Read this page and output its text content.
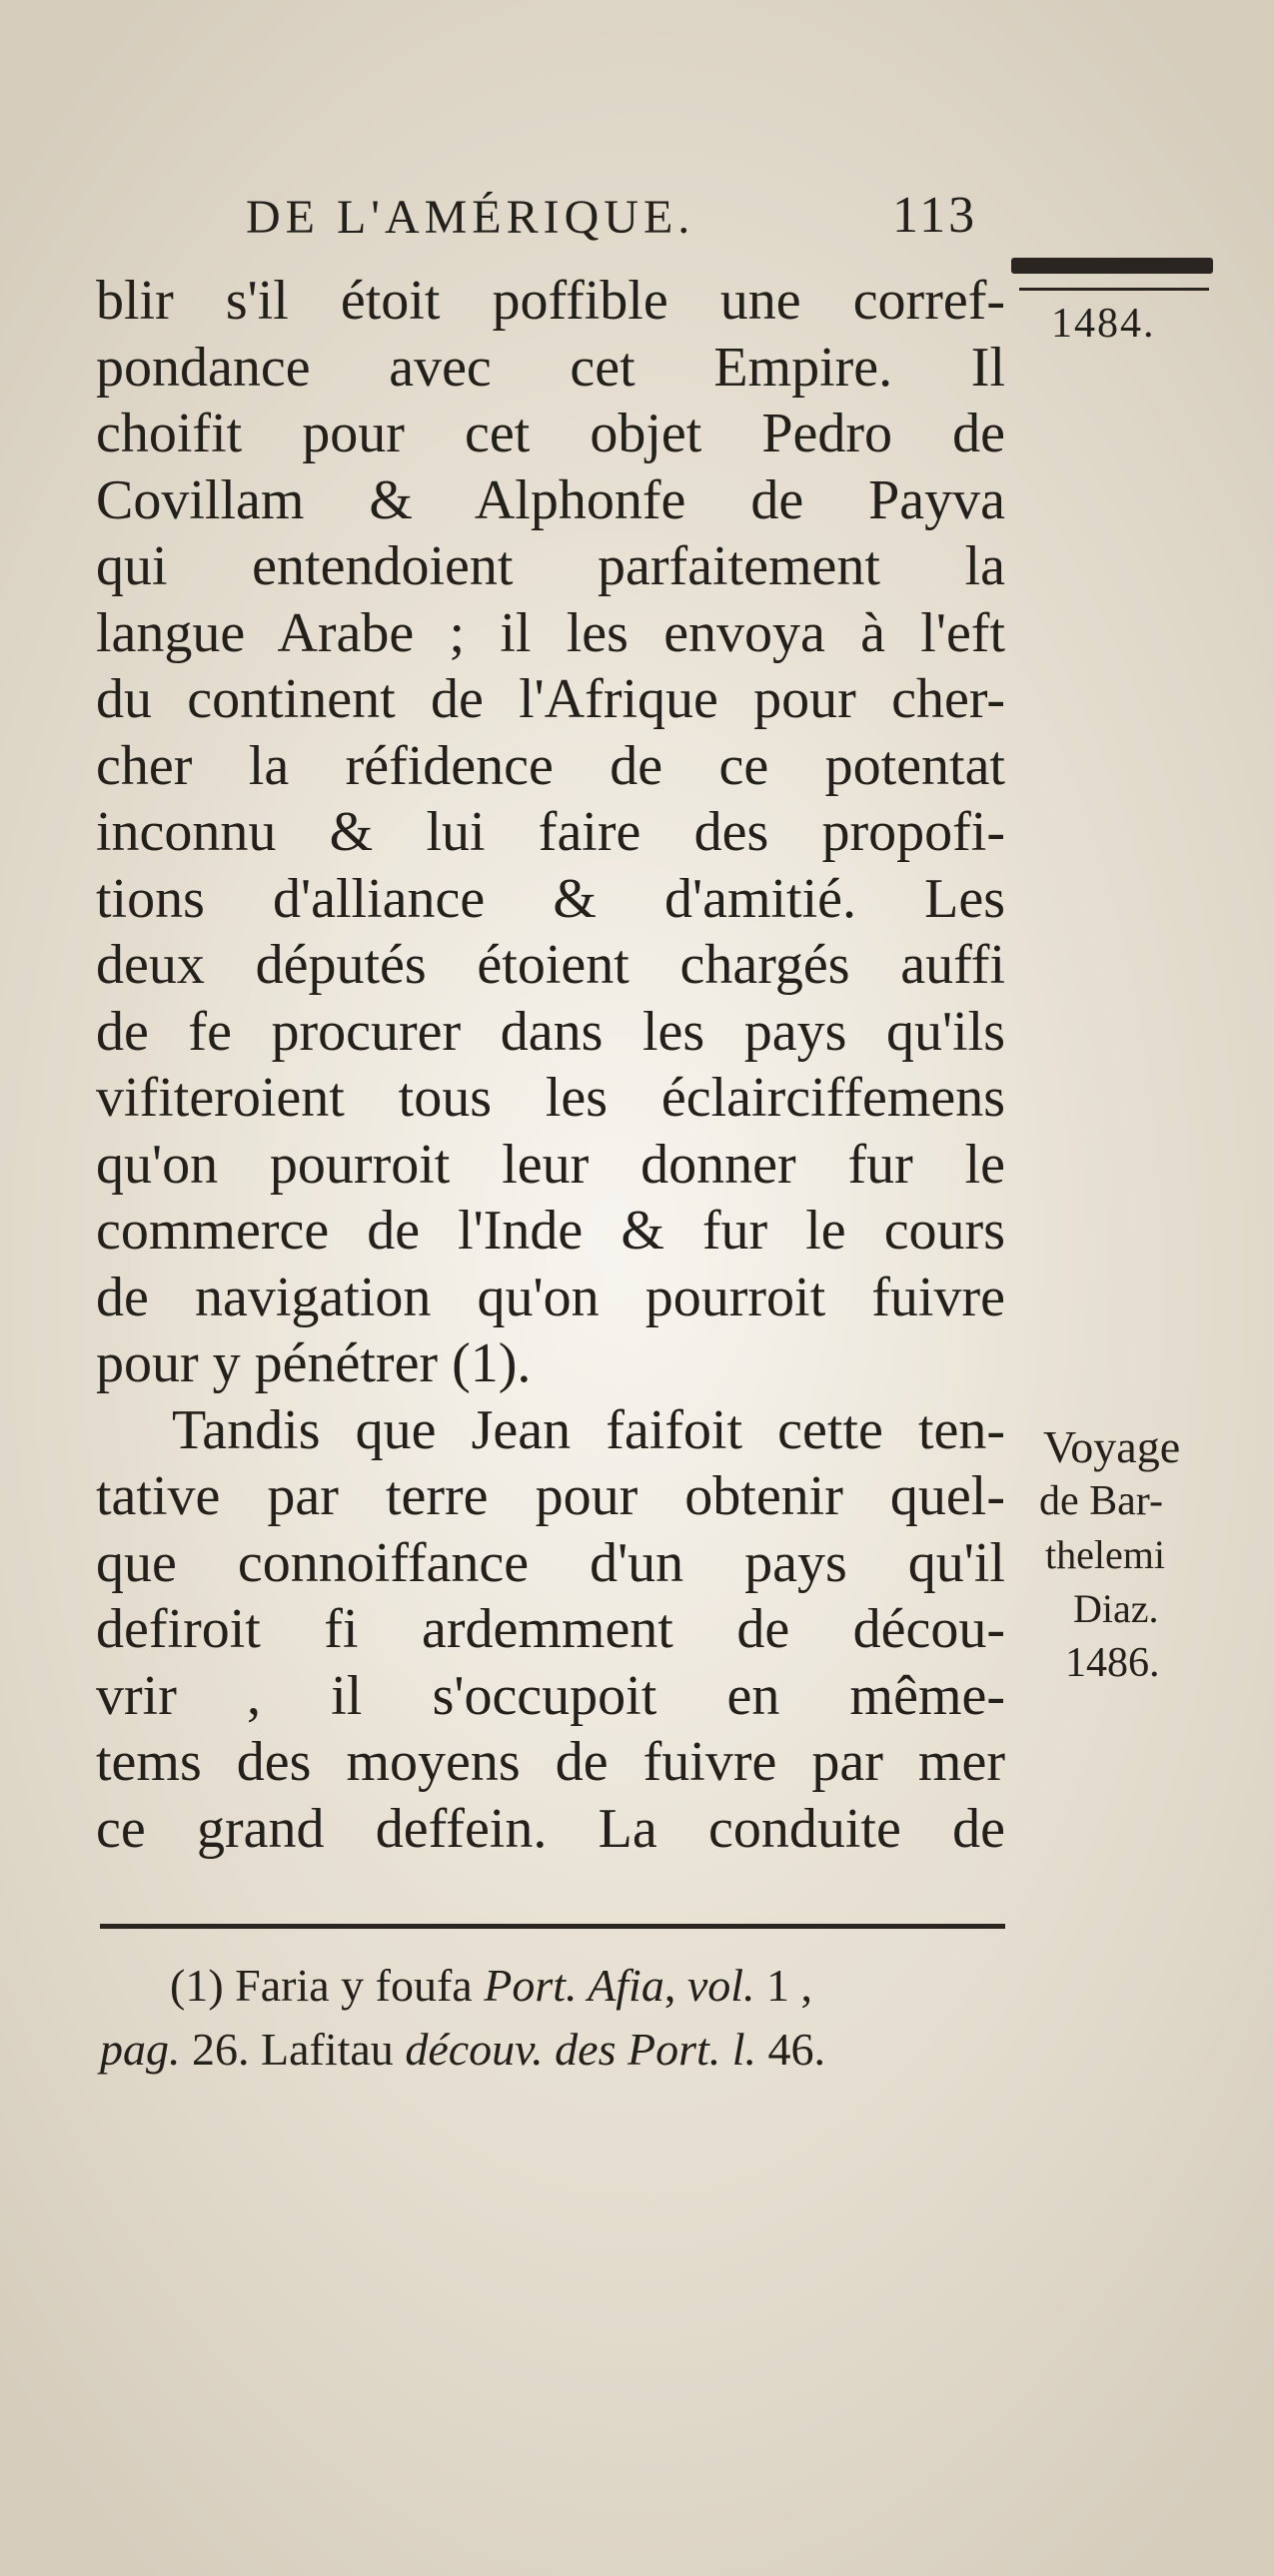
DE L'AMÉRIQUE.	113
1484.
blir s'il étoit poffible une corref-
pondance avec cet Empire. Il
choifit pour cet objet Pedro de
Covillam & Alphonfe de Payva
qui entendoient parfaitement la
langue Arabe ; il les envoya à l'eft
du continent de l'Afrique pour cher-
cher la réfidence de ce potentat
inconnu & lui faire des propofi-
tions d'alliance & d'amitié. Les
deux députés étoient chargés auffi
de fe procurer dans les pays qu'ils
vifiteroient tous les éclairciffemens
qu'on pourroit leur donner fur le
commerce de l'Inde & fur le cours
de navigation qu'on pourroit fuivre
pour y pénétrer (1).
Tandis que Jean faifoit cette ten-
tative par terre pour obtenir quel-
que connoiffance d'un pays qu'il
defiroit fi ardemment de décou-
vrir , il s'occupoit en même-
tems des moyens de fuivre par mer
ce grand deffein. La conduite de
Voyage
de Bar-
thelemi
Diaz.
1486.
(1) Faria y foufa Port. Afia, vol. 1 ,
pag. 26. Lafitau découv. des Port. l. 46.
